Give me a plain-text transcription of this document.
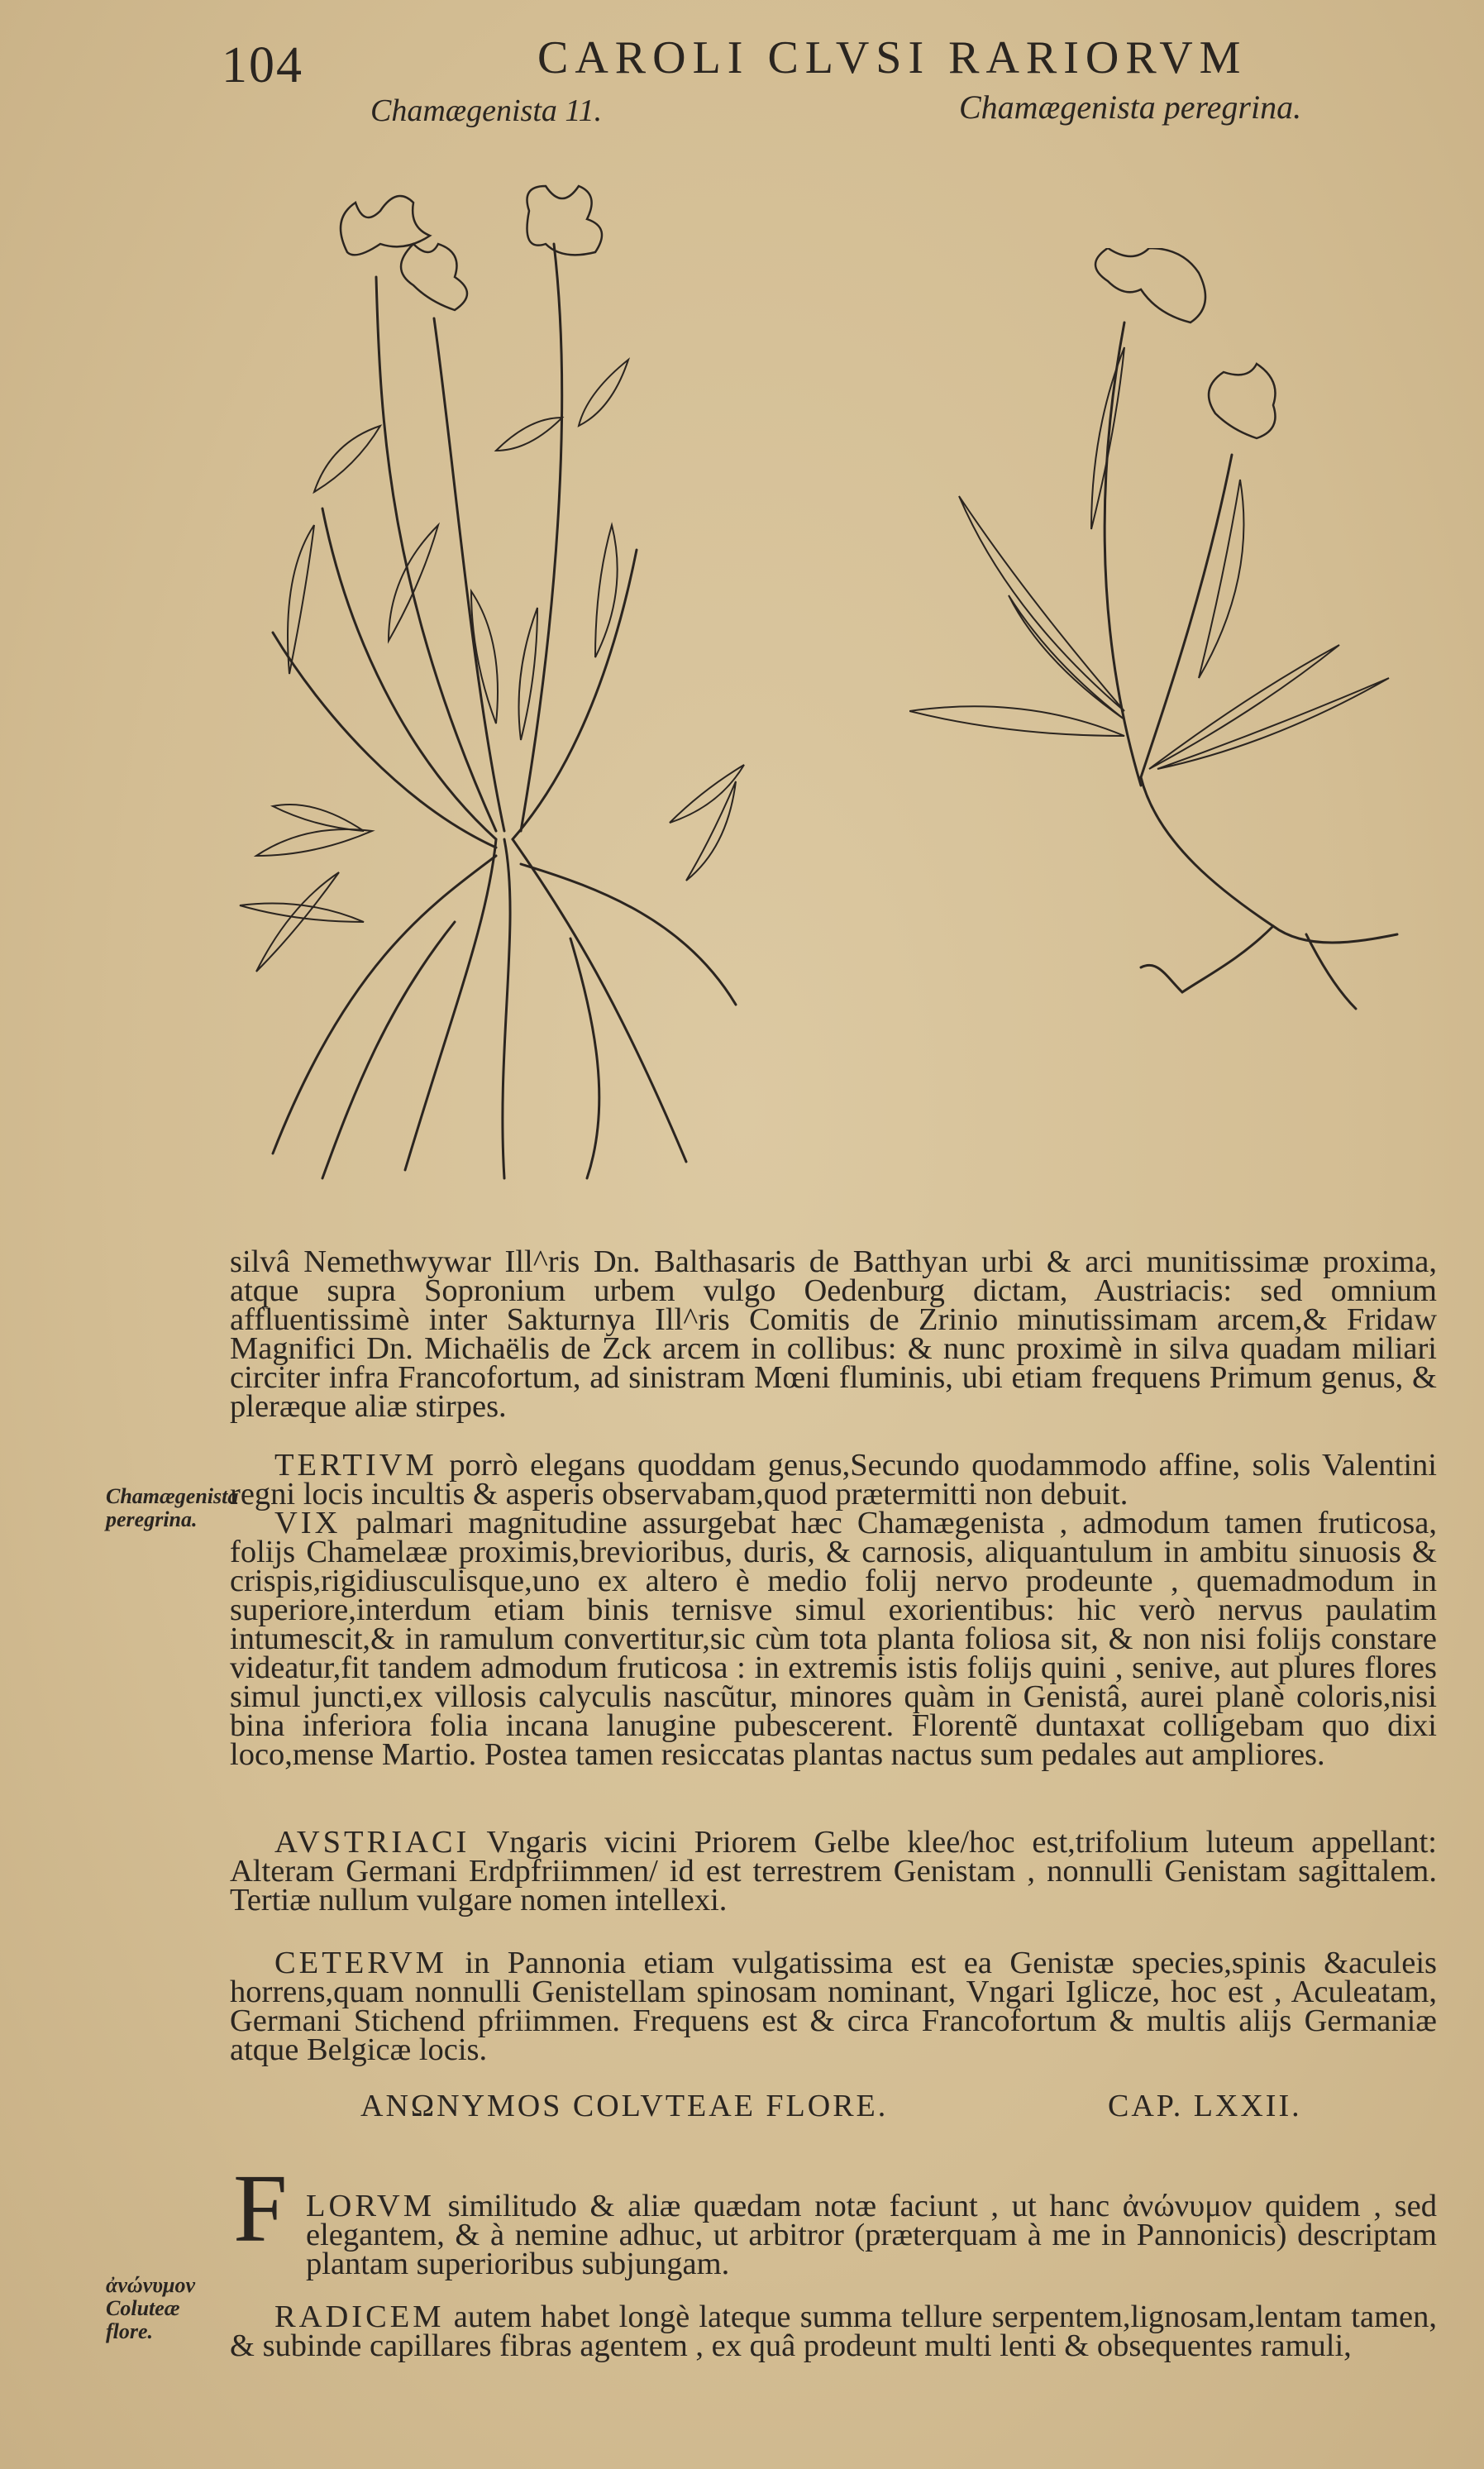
104	CAROLI CLVSI RARIORVM
Chamægenista 11.	Chamægenista peregrina.

silvâ Nemethwywar Ill^ris Dn. Balthasaris de Batthyan urbi & arci munitissimæ proxima, atque supra Sopronium urbem vulgo Oedenburg dictam, Austriacis: sed omnium affluentissimè inter Sakturnya Ill^ris Comitis de Zrinio minutissimam arcem,& Fridaw Magnifici Dn. Michaëlis de Zck arcem in collibus: & nunc proximè in silva quadam miliari circiter infra Francofortum, ad sinistram Mœni fluminis, ubi etiam frequens Primum genus, & pleræque aliæ stirpes.

TERTIVM porrò elegans quoddam genus,Secundo quodammodo affine, solis Valentini regni locis incultis & asperis observabam,quod prætermitti non debuit.

VIX palmari magnitudine assurgebat hæc Chamægenista , admodum tamen fruticosa, folijs Chamelææ proximis,brevioribus, duris, & carnosis, aliquantulum in ambitu sinuosis & crispis,rigidiusculisque,uno ex altero è medio folij nervo prodeunte , quemadmodum in superiore,interdum etiam binis ternisve simul exorientibus: hic verò nervus paulatim intumescit,& in ramulum convertitur,sic cùm tota planta foliosa sit, & non nisi folijs constare videatur,fit tandem admodum fruticosa : in extremis istis folijs quini , senive, aut plures flores simul juncti,ex villosis calyculis nascũtur, minores quàm in Genistâ, aurei planè coloris,nisi bina inferiora folia incana lanugine pubescerent. Florentẽ duntaxat colligebam quo dixi loco,mense Martio. Postea tamen resiccatas plantas nactus sum pedales aut ampliores.

AVSTRIACI Vngaris vicini Priorem Gelbe klee/hoc est,trifolium luteum appellant: Alteram Germani Erdpfriimmen/ id est terrestrem Genistam , nonnulli Genistam sagittalem. Tertiæ nullum vulgare nomen intellexi.

CETERVM in Pannonia etiam vulgatissima est ea Genistæ species,spinis &aculeis horrens,quam nonnulli Genistellam spinosam nominant, Vngari Iglicze, hoc est , Aculeatam, Germani Stichend pfriimmen. Frequens est & circa Francofortum & multis alijs Germaniæ atque Belgicæ locis.

ANΩNYMOS COLVTEAE FLORE.	CAP. LXXII.
F LORVM similitudo & aliæ quædam notæ faciunt , ut hanc ἀνώνυμον quidem , sed elegantem, & à nemine adhuc, ut arbitror (præterquam à me in Pannonicis) descriptam plantam superioribus subjungam.

RADICEM autem habet longè lateque summa tellure serpentem,lignosam,lentam tamen, & subinde capillares fibras agentem , ex quâ prodeunt multi lenti & obsequentes ramuli,

Chamægenista peregrina.
ἀνώνυμον Coluteæ flore.
